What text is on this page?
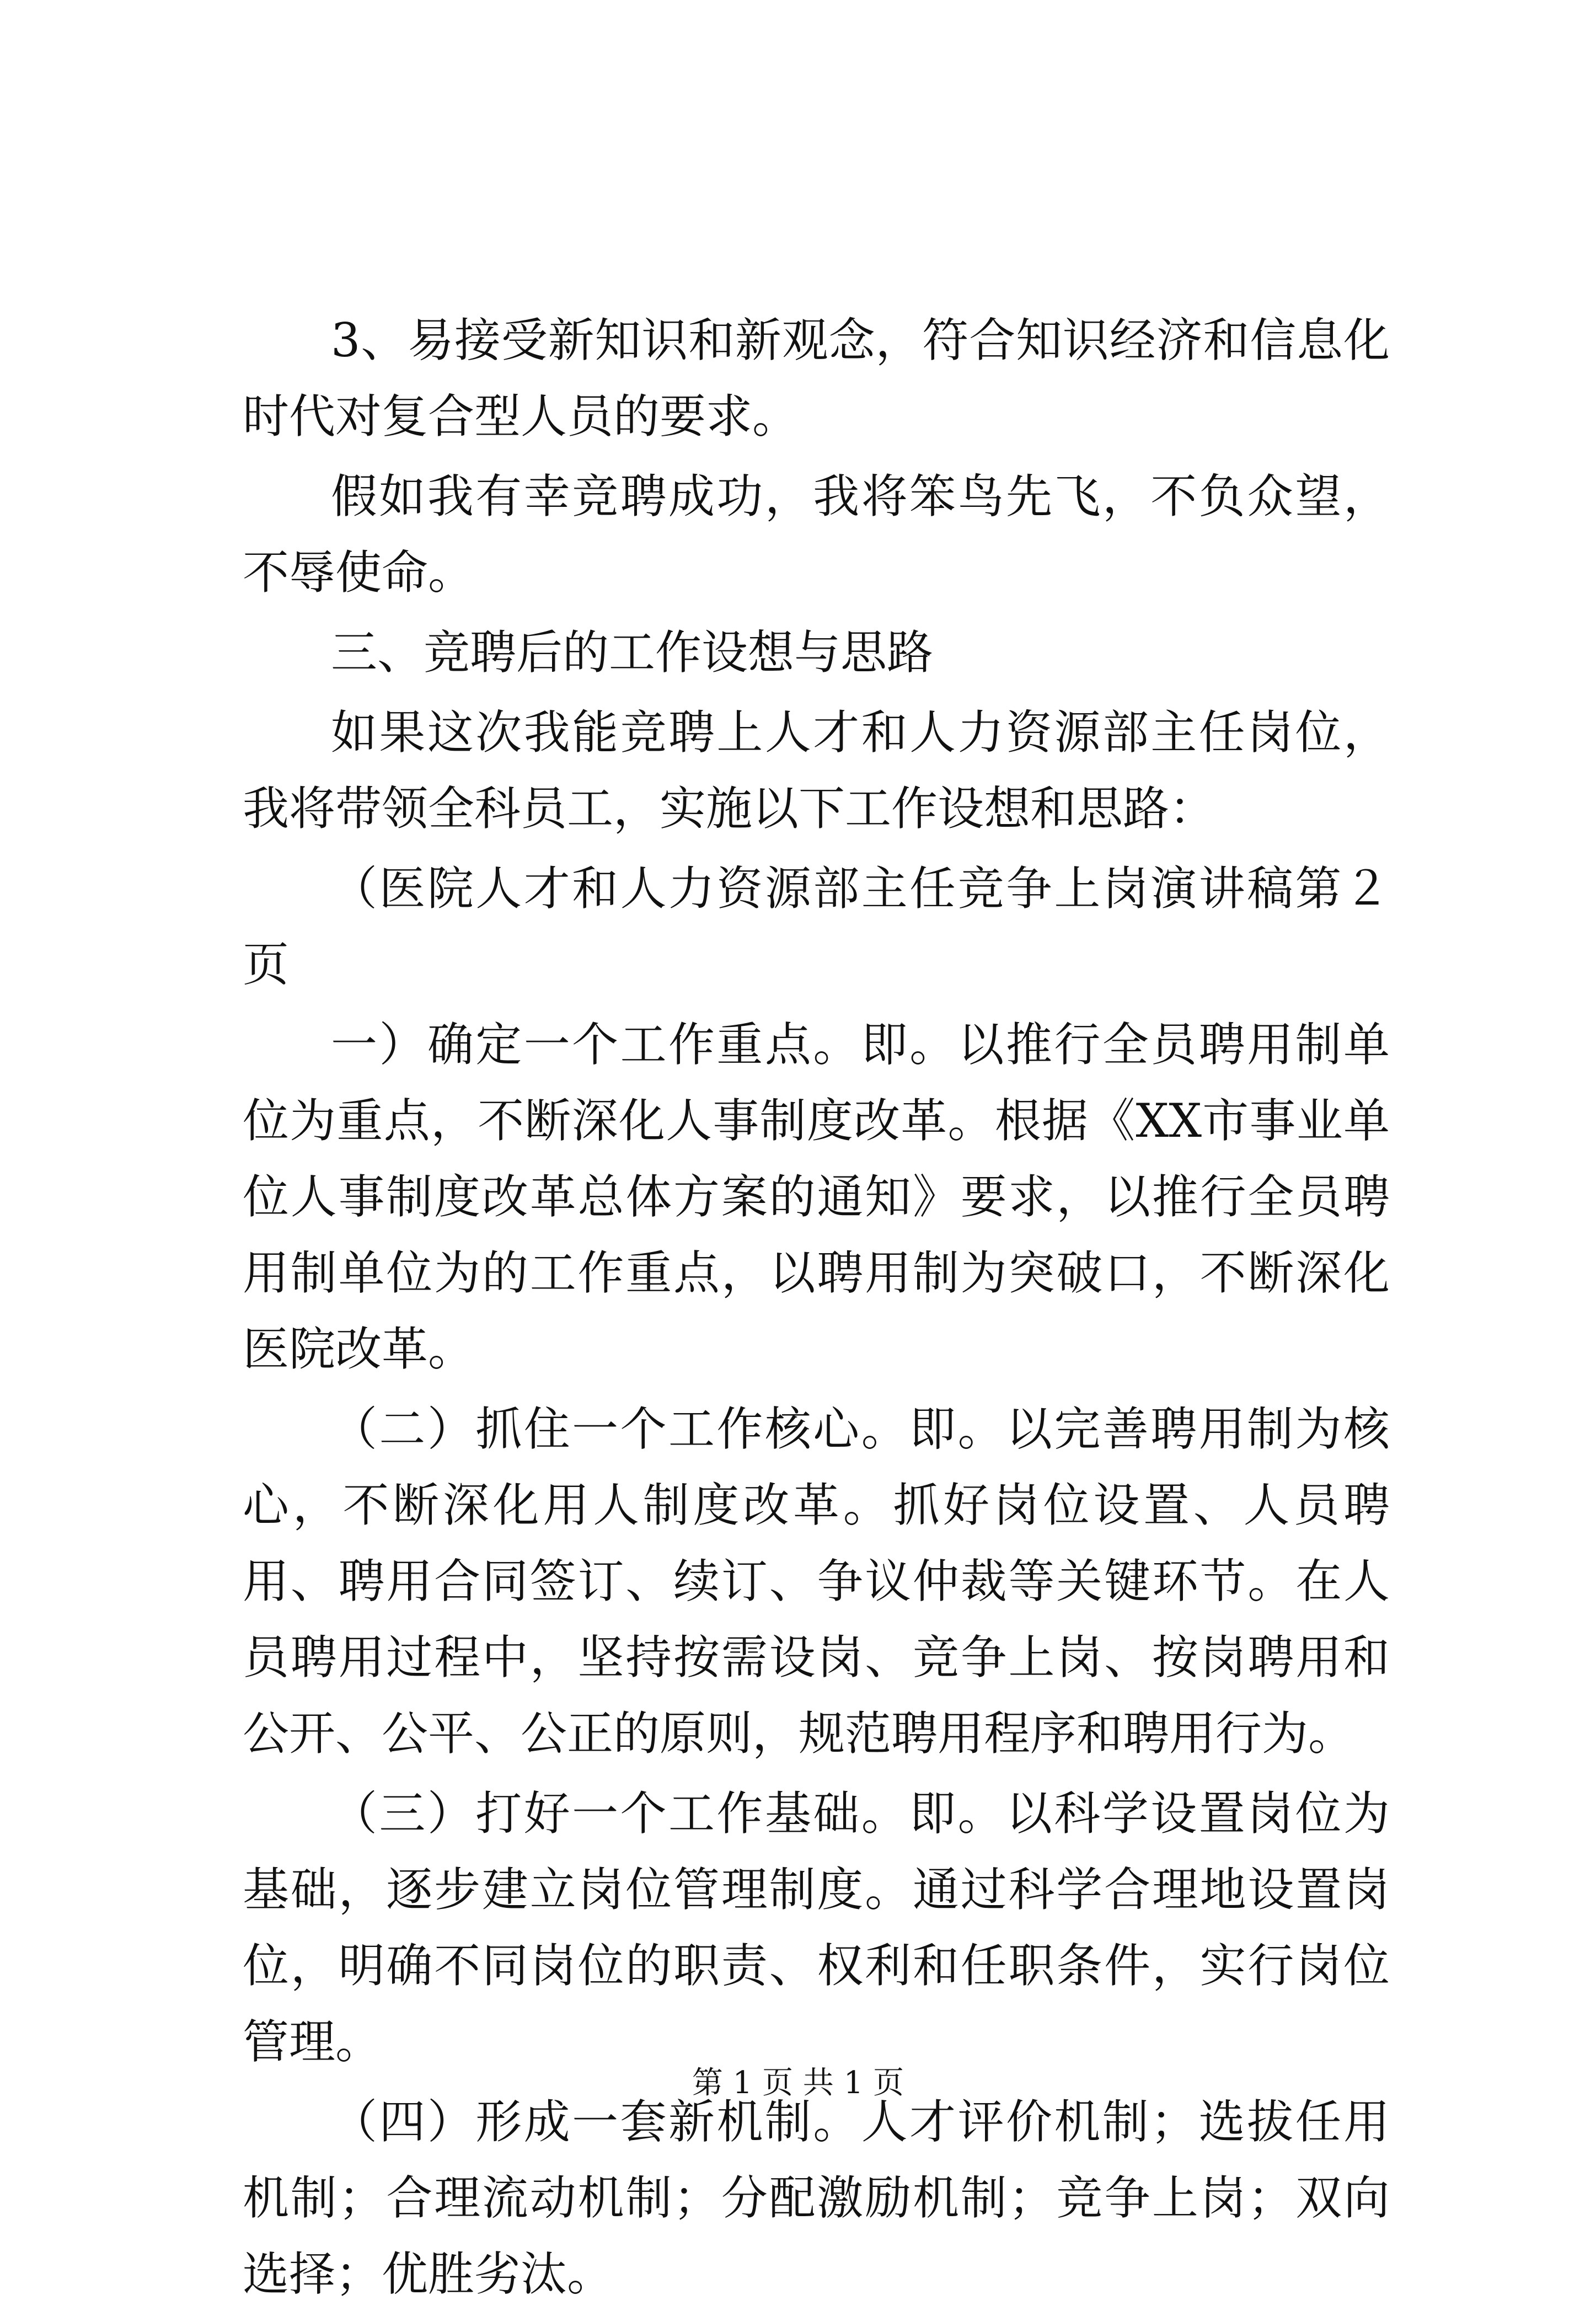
3、易接受新知识和新观念，符合知识经济和信息化时代对复合型人员的要求。

假如我有幸竞聘成功，我将笨鸟先飞，不负众望，不辱使命。

三、竞聘后的工作设想与思路

如果这次我能竞聘上人才和人力资源部主任岗位，我将带领全科员工，实施以下工作设想和思路：

（医院人才和人力资源部主任竞争上岗演讲稿第２页

一）确定一个工作重点。即。以推行全员聘用制单位为重点，不断深化人事制度改革。根据《XX市事业单位人事制度改革总体方案的通知》要求，以推行全员聘用制单位为的工作重点，以聘用制为突破口，不断深化医院改革。

（二）抓住一个工作核心。即。以完善聘用制为核心，不断深化用人制度改革。抓好岗位设置、人员聘用、聘用合同签订、续订、争议仲裁等关键环节。在人员聘用过程中，坚持按需设岗、竞争上岗、按岗聘用和公开、公平、公正的原则，规范聘用程序和聘用行为。

（三）打好一个工作基础。即。以科学设置岗位为基础，逐步建立岗位管理制度。通过科学合理地设置岗位，明确不同岗位的职责、权利和任职条件，实行岗位管理。

（四）形成一套新机制。人才评价机制；选拔任用机制；合理流动机制；分配激励机制；竞争上岗；双向选择；优胜劣汰。

第 1 页 共 1 页
